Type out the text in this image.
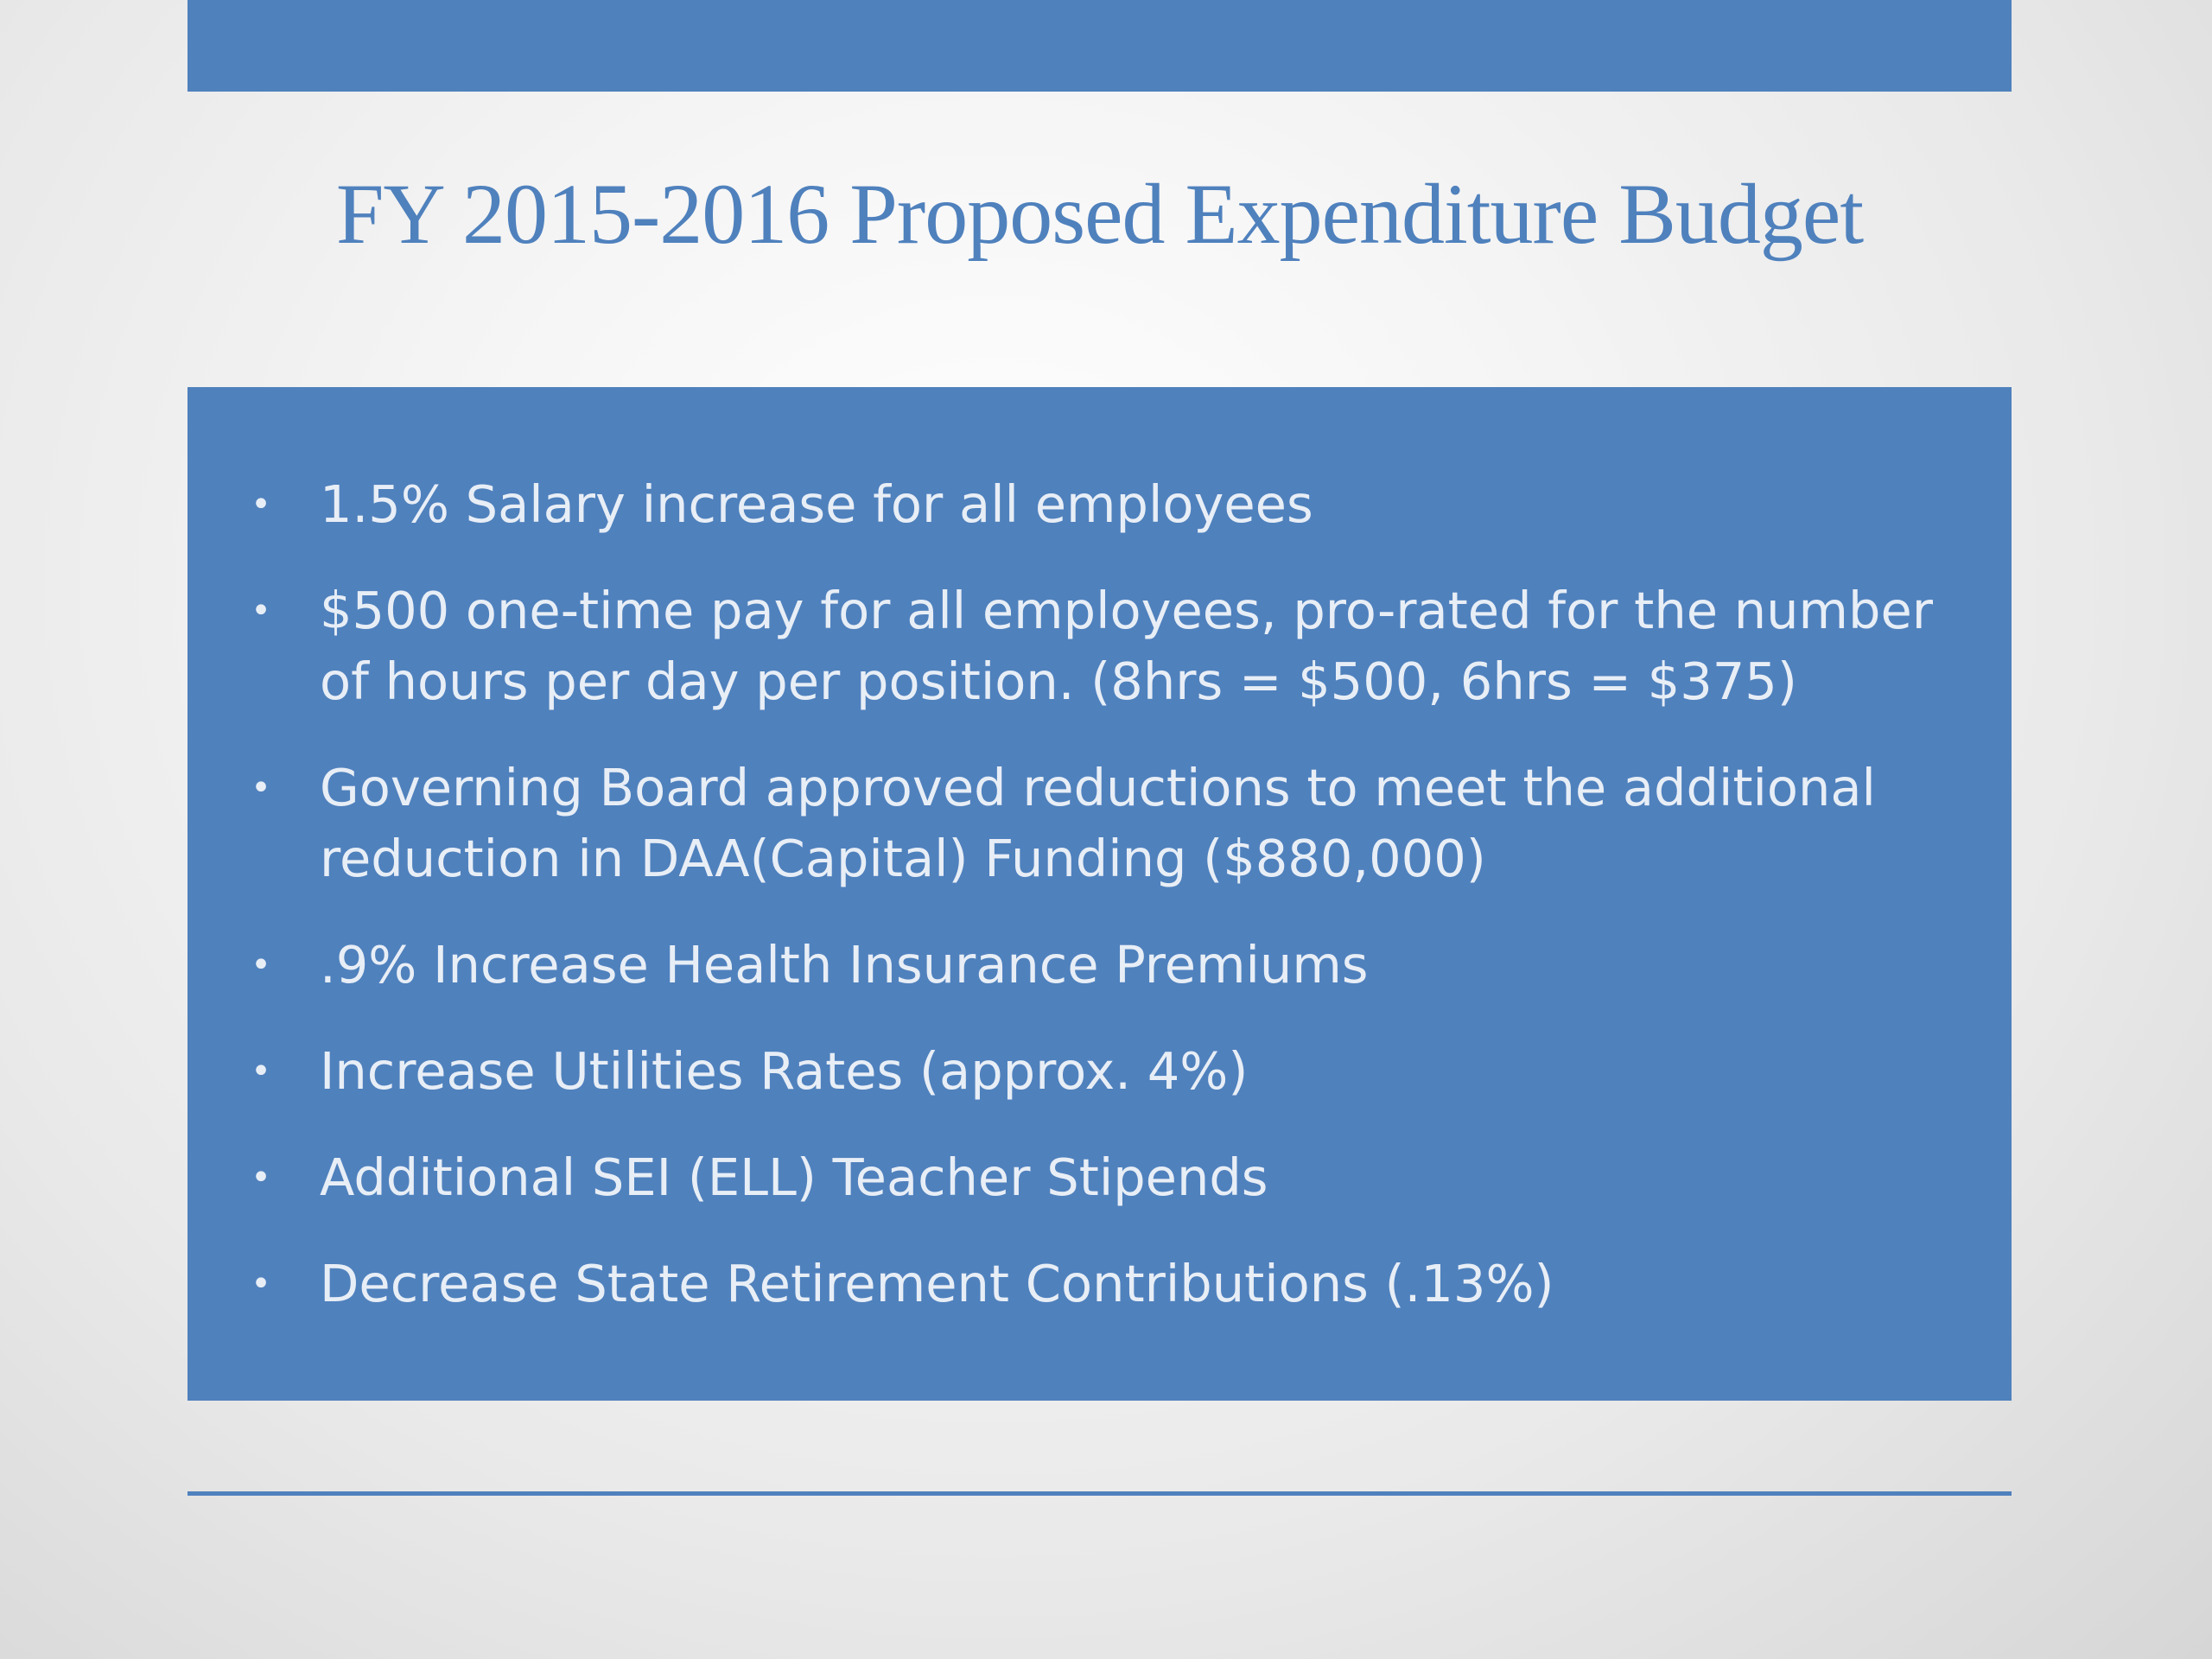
FY 2015-2016 Proposed Expenditure Budget
• 1.5% Salary increase for all employees
• $500 one-time pay for all employees, pro-rated for the number of hours per day per position. (8hrs = $500, 6hrs = $375)
• Governing Board approved reductions to meet the additional reduction in DAA(Capital) Funding ($880,000)
• .9% Increase Health Insurance Premiums
• Increase Utilities Rates (approx. 4%)
• Additional SEI (ELL) Teacher Stipends
• Decrease State Retirement Contributions (.13%)
